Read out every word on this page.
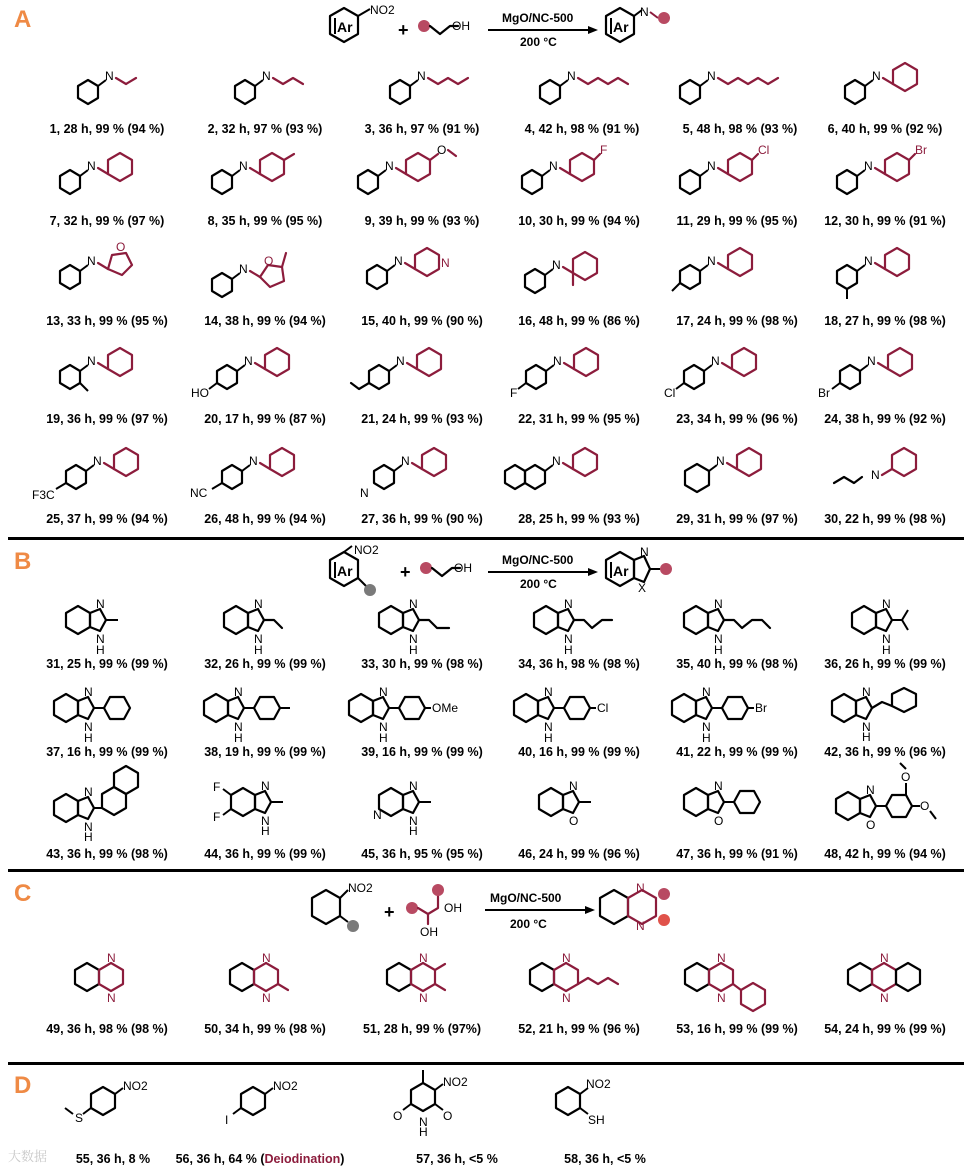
A
B
C
D
Ar
NO2
+	OH
MgO/NC-500
200 °C
Ar
N
N
1, 28 h, 99 % (94 %)
N
2, 32 h, 97 % (93 %)
N
3, 36 h, 97 % (91 %)
N
4, 42 h, 98 % (91 %)
N
5, 48 h, 98 % (93 %)
N
6, 40 h, 99 % (92 %)
N
7, 32 h, 99 % (97 %)
N
8, 35 h, 99 % (95 %)
N
O
9, 39 h, 99 % (93 %)
N
F
10, 30 h, 99 % (94 %)
N
Cl
11, 29 h, 99 % (95 %)
N
Br
12, 30 h, 99 % (91 %)
N
O
13, 33 h, 99 % (95 %)
N
O
14, 38 h, 99 % (94 %)
N	N
15, 40 h, 99 % (90 %)
N
16, 48 h, 99 % (86 %)
N
17, 24 h, 99 % (98 %)
N
18, 27 h, 99 % (98 %)
N
19, 36 h, 99 % (97 %)
HO
N
20, 17 h, 99 % (87 %)
N
21, 24 h, 99 % (93 %)
F
N
22, 31 h, 99 % (95 %)
Cl
N
23, 34 h, 99 % (96 %)
Br
N
24, 38 h, 99 % (92 %)
F3C
N
25, 37 h, 99 % (94 %)
NC
N
26, 48 h, 99 % (94 %)
N
N
27, 36 h, 99 % (90 %)
N
28, 25 h, 99 % (93 %)
N
29, 31 h, 99 % (97 %)
N
30, 22 h, 99 % (98 %)
Ar
NO2
+	OH
MgO/NC-500
200 °C
Ar
N
X
N
N
H
31, 25 h, 99 % (99 %)
N
N
H
32, 26 h, 99 % (99 %)
N
N
H
33, 30 h, 99 % (98 %)
N
N
H
34, 36 h, 98 % (98 %)
N
N
H
35, 40 h, 99 % (98 %)
N
N
H
36, 26 h, 99 % (99 %)
N
N
H
37, 16 h, 99 % (99 %)
N
N
H
38, 19 h, 99 % (99 %)
N
N
H
OMe
39, 16 h, 99 % (99 %)
N
N
H
Cl
40, 16 h, 99 % (99 %)
N
N
H
Br
41, 22 h, 99 % (99 %)
N
N
H
42, 36 h, 99 % (96 %)
N
N
H
43, 36 h, 99 % (98 %)
F
F
N
N
H
44, 36 h, 99 % (99 %)
N
N
N
H
45, 36 h, 95 % (95 %)
N
O
46, 24 h, 99 % (96 %)
N
O
47, 36 h, 99 % (91 %)
N
O
O
O
48, 42 h, 99 % (94 %)
NO2
+
OH
OH
MgO/NC-500
200 °C
N
N
N
N
49, 36 h, 98 % (98 %)
N
N
50, 34 h, 99 % (98 %)
N
N
51, 28 h, 99 % (97%)
N
N
52, 21 h, 99 % (96 %)
N
N
53, 16 h, 99 % (99 %)
N
N
54, 24 h, 99 % (99 %)
NO2
S
55, 36 h, 8 %
NO2
I
56, 36 h, 64 % (Deiodination)
NO2
O	O
N
H
57, 36 h, <5 %
NO2
SH
58, 36 h, <5 %
大数据
